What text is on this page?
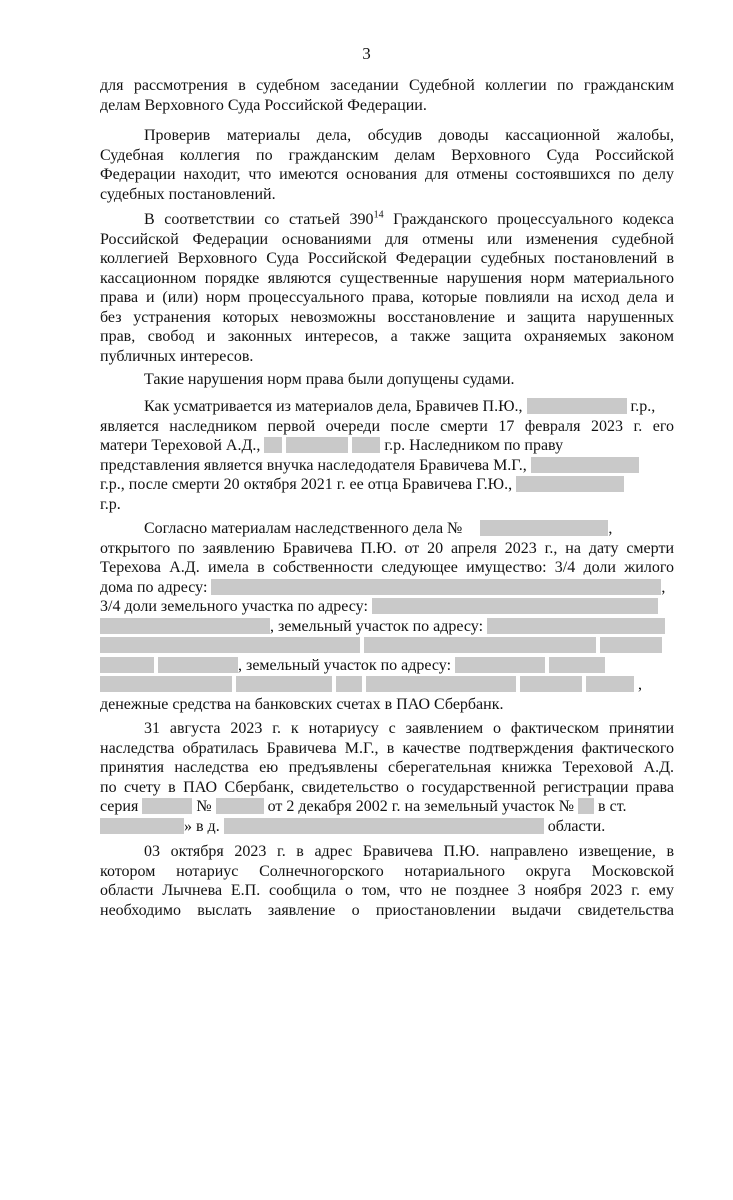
3
для рассмотрения в судебном заседании Судебной коллегии по гражданским
делам Верховного Суда Российской Федерации.
Проверив материалы дела, обсудив доводы кассационной жалобы,
Судебная коллегия по гражданским делам Верховного Суда Российской
Федерации находит, что имеются основания для отмены состоявшихся по делу
судебных постановлений.
В соответствии со статьей $390^{14}$ Гражданского процессуального кодекса
Российской Федерации основаниями для отмены или изменения судебной
коллегией Верховного Суда Российской Федерации судебных постановлений в
кассационном порядке являются существенные нарушения норм материального
права и (или) норм процессуального права, которые повлияли на исход дела и
без устранения которых невозможны восстановление и защита нарушенных
прав, свобод и законных интересов, а также защита охраняемых законом
публичных интересов.
Такие нарушения норм права были допущены судами.
Как усматривается из материалов дела, Бравичев П.Ю.,	г.р.,
является наследником первой очереди после смерти 17 февраля 2023 г. его
матери Тереховой А.Д.,	г.р. Наследником по праву
представления является внучка наследодателя Бравичева М.Г.,
г.р., после смерти 20 октября 2021 г. ее отца Бравичева Г.Ю.,
г.р.
Согласно материалам наследственного дела №	,
открытого по заявлению Бравичева П.Ю. от 20 апреля 2023 г., на дату смерти
Терехова А.Д. имела в собственности следующее имущество: 3/4 доли жилого
дома по адресу:	,
3/4 доли земельного участка по адресу:
, земельный участок по адресу:

, земельный участок по адресу:
,
денежные средства на банковских счетах в ПАО Сбербанк.
31 августа 2023 г. к нотариусу с заявлением о фактическом принятии
наследства обратилась Бравичева М.Г., в качестве подтверждения фактического
принятия наследства ею предъявлены сберегательная книжка Тереховой А.Д.
по счету в ПАО Сбербанк, свидетельство о государственной регистрации права
серия	№	от 2 декабря 2002 г. на земельный участок № в ст.
» в д.	области.
03 октября 2023 г. в адрес Бравичева П.Ю. направлено извещение, в
котором нотариус Солнечногорского нотариального округа Московской
области Лычнева Е.П. сообщила о том, что не позднее 3 ноября 2023 г. ему
необходимо выслать заявление о приостановлении выдачи свидетельства
